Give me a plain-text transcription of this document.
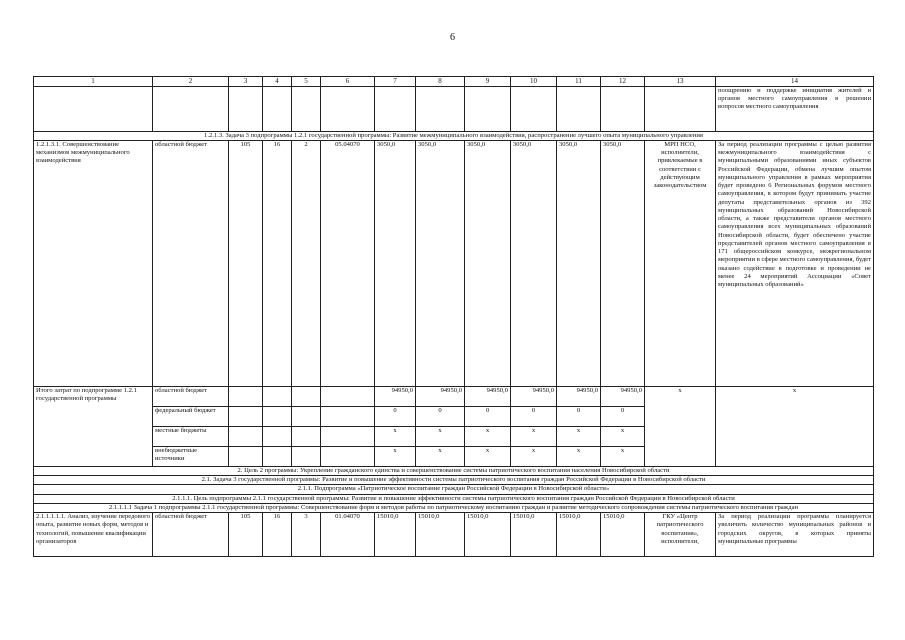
6
1	2	3	4	5	6	7	8	9	10	11	12	13	14
													поощрению и поддержке инициатив жителей и органов местного самоуправления в решении вопросов местного самоуправления
1.2.1.3. Задача 3 подпрограммы 1.2.1 государственной программы: Развитие межмуниципального взаимодействия, распространение лучшего опыта муниципального управления													
1.2.1.3.1. Совершенствование механизмов межмуниципального взаимодействия	областной бюджет	105	16	2	05.04070	3050,0	3050,0	3050,0	3050,0	3050,0	3050,0	МРП НСО, исполнители, привлекаемые в соответствии с действующим законодательством	За период реализации программы с целью развития межмуниципального взаимодействия с муниципальными образованиями иных субъектов Российской Федерации, обмена лучшим опытом муниципального управления в рамках мероприятия будет проведено 6 Региональных форумов местного самоуправления, в котором будут принимать участие депутаты представительных органов из 392 муниципальных образований Новосибирской области, а также представители органов местного самоуправления всех муниципальных образований Новосибирской области, будет обеспечено участие представителей органов местного самоуправления в 171 общероссийском конкурсе, межрегиональном мероприятии в сфере местного самоуправления, будет оказано содействие в подготовке и проведении не менее 24 мероприятий Ассоциации «Совет муниципальных образований»
Итого затрат по подпрограмме 1.2.1 государственной программы	областной бюджет					94950,0	94950,0	94950,0	94950,0	94950,0	94950,0	x	x
	федеральный бюджет					0	0	0	0	0	0		
	местные бюджеты					x	x	x	x	x	x		
	внебюджетные источники					x	x	x	x	x	x		
2. Цель 2 программы: Укрепление гражданского единства и совершенствование системы патриотического воспитания населения Новосибирской области													
2.1. Задача 3 государственной программы: Развитие и повышение эффективности системы патриотического воспитания граждан Российской Федерации в Новосибирской области													
2.1.1. Подпрограмма «Патриотическое воспитание граждан Российской Федерации в Новосибирской области»													
2.1.1.1. Цель подпрограммы 2.1.1 государственной программы: Развитие и повышение эффективности системы патриотического воспитания граждан Российской Федерации в Новосибирской области													
2.1.1.1.1 Задача 1 подпрограммы 2.1.1 государственной программы: Совершенствование форм и методов работы по патриотическому воспитанию граждан и развитие методического сопровождения системы патриотического воспитания граждан													
2.1.1.1.1.1. Анализ, изучение передового опыта, развитие новых форм, методов и технологий, повышение квалификации организаторов	областной бюджет	105	16	3	01.04070	15010,0	15010,0	15010,0	15010,0	15010,0	15010,0	ГКУ «Центр патриотического воспитания», исполнители,	За период реализации программы планируется увеличить количество муниципальных районов и городских округов, в которых приняты муниципальные программы
